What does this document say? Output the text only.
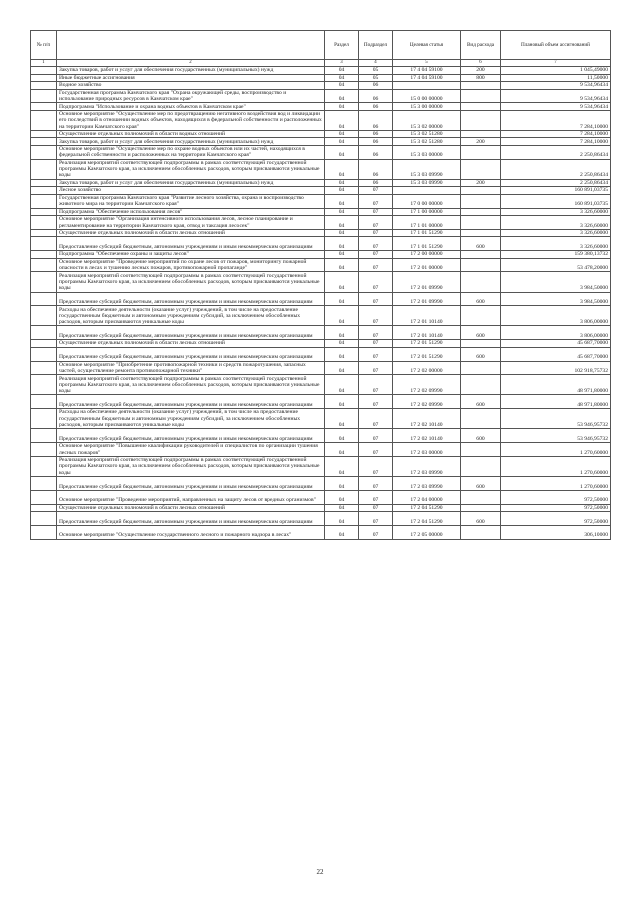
№ п/п		Раздел	Подраздел	Целевая статья	Вид расхода	Плановый объем ассигнований
1	2	3	4	5	6	7
	Закупка товаров, работ и услуг для обеспечения государственных (муниципальных) нужд	04	05	17 4 04 59100	200	1 045,49000
	Иные бюджетные ассигнования	04	05	17 4 04 59100	800	11,50000
	Водное хозяйство	04	06			9 534,96434
	Государственная программа Камчатского края "Охрана окружающей среды, воспроизводство и использование природных ресурсов в Камчатском крае"	04	06	15 0 00 00000		9 534,96434
	Подпрограмма "Использование и охрана водных объектов в Камчатском крае"	04	06	15 3 00 00000		9 534,96434
	Основное мероприятие "Осуществление мер по предотвращению негативного воздействия вод и ликвидации его последствий в отношении водных объектов, находящихся в федеральной собственности и расположенных на территории Камчатского края"	04	06	15 3 02 00000		7 284,10000
	Осуществление отдельных полномочий в области водных отношений	04	06	15 3 02 51280		7 284,10000
	Закупка товаров, работ и услуг для обеспечения государственных (муниципальных) нужд	04	06	15 3 02 51280	200	7 284,10000
	Основное мероприятие "Осуществление мер по охране водных объектов или их частей, находящихся в федеральной собственности и расположенных на территории Камчатского края"	04	06	15 3 03 00000		2 250,86434
	Реализация мероприятий соответствующей подпрограммы в рамках соответствующей государственной программы Камчатского края, за исключением обособленных расходов, которым присваиваются уникальные коды	04	06	15 3 03 09990		2 250,86434
	Закупка товаров, работ и услуг для обеспечения государственных (муниципальных) нужд	04	06	15 3 03 09990	200	2 250,86434
	Лесное хозяйство	04	07			160 891,03735
	Государственная программа Камчатского края "Развитие лесного хозяйства, охрана и воспроизводство животного мира на территории Камчатского края"	04	07	17 0 00 00000		160 891,03735
	Подпрограмма "Обеспечение использования лесов"	04	07	17 1 00 00000		3 326,60000
	Основное мероприятие "Организация интенсивного использования лесов, лесное планирование и регламентирование на территории Камчатского края, отвод и таксация лесосек"	04	07	17 1 01 00000		3 326,60000
	Осуществление отдельных полномочий в области лесных отношений	04	07	17 1 01 51290		3 326,60000
	Предоставление субсидий бюджетным, автономным учреждениям и иным некоммерческим организациям	04	07	17 1 01 51290	600	3 326,60000
	Подпрограмма "Обеспечение охраны и защиты лесов"	04	07	17 2 00 00000		159 380,13732
	Основное мероприятие "Проведение мероприятий по охране лесов от пожаров, мониторингу пожарной опасности в лесах и тушению лесных пожаров, противопожарной пропаганде"	04	07	17 2 01 00000		53 478,20000
	Реализация мероприятий соответствующей подпрограммы в рамках соответствующей государственной программы Камчатского края, за исключением обособленных расходов, которым присваиваются уникальные коды	04	07	17 2 01 09990		3 984,50000
	Предоставление субсидий бюджетным, автономным учреждениям и иным некоммерческим организациям	04	07	17 2 01 09990	600	3 984,50000
	Расходы на обеспечение деятельности (оказание услуг) учреждений, в том числе на предоставление государственным бюджетным и автономным учреждениям субсидий, за исключением обособленных расходов, которым присваиваются уникальные коды	04	07	17 2 01 10140		3 806,00000
	Предоставление субсидий бюджетным, автономным учреждениям и иным некоммерческим организациям	04	07	17 2 01 10140	600	3 806,00000
	Осуществление отдельных полномочий в области лесных отношений	04	07	17 2 01 51290		45 687,70000
	Предоставление субсидий бюджетным, автономным учреждениям и иным некоммерческим организациям	04	07	17 2 01 51290	600	45 687,70000
	Основное мероприятие "Приобретение противопожарной техники и средств пожаротушения, запасных частей, осуществление ремонта противопожарной техники"	04	07	17 2 02 00000		102 918,75732
	Реализация мероприятий соответствующей подпрограммы в рамках соответствующей государственной программы Камчатского края, за исключением обособленных расходов, которым присваиваются уникальные коды	04	07	17 2 02 09990		48 971,80000
	Предоставление субсидий бюджетным, автономным учреждениям и иным некоммерческим организациям	04	07	17 2 02 09990	600	48 971,80000
	Расходы на обеспечение деятельности (оказание услуг) учреждений, в том числе на предоставление государственным бюджетным и автономным учреждениям субсидий, за исключением обособленных расходов, которым присваиваются уникальные коды	04	07	17 2 02 10140		53 946,95732
	Предоставление субсидий бюджетным, автономным учреждениям и иным некоммерческим организациям	04	07	17 2 02 10140	600	53 946,95732
	Основное мероприятие "Повышение квалификации руководителей и специалистов по организации тушения лесных пожаров"	04	07	17 2 03 00000		1 270,60000
	Реализация мероприятий соответствующей подпрограммы в рамках соответствующей государственной программы Камчатского края, за исключением обособленных расходов, которым присваиваются уникальные коды	04	07	17 2 03 09990		1 270,60000
	Предоставление субсидий бюджетным, автономным учреждениям и иным некоммерческим организациям	04	07	17 2 03 09990	600	1 270,60000
	Основное мероприятие "Проведение мероприятий, направленных на защиту лесов от вредных организмов"	04	07	17 2 04 00000		972,50000
	Осуществление отдельных полномочий в области лесных отношений	04	07	17 2 04 51290		972,50000
	Предоставление субсидий бюджетным, автономным учреждениям и иным некоммерческим организациям	04	07	17 2 04 51290	600	972,50000
	Основное мероприятие "Осуществление государственного лесного и пожарного надзора в лесах"	04	07	17 2 05 00000		306,10000
22
